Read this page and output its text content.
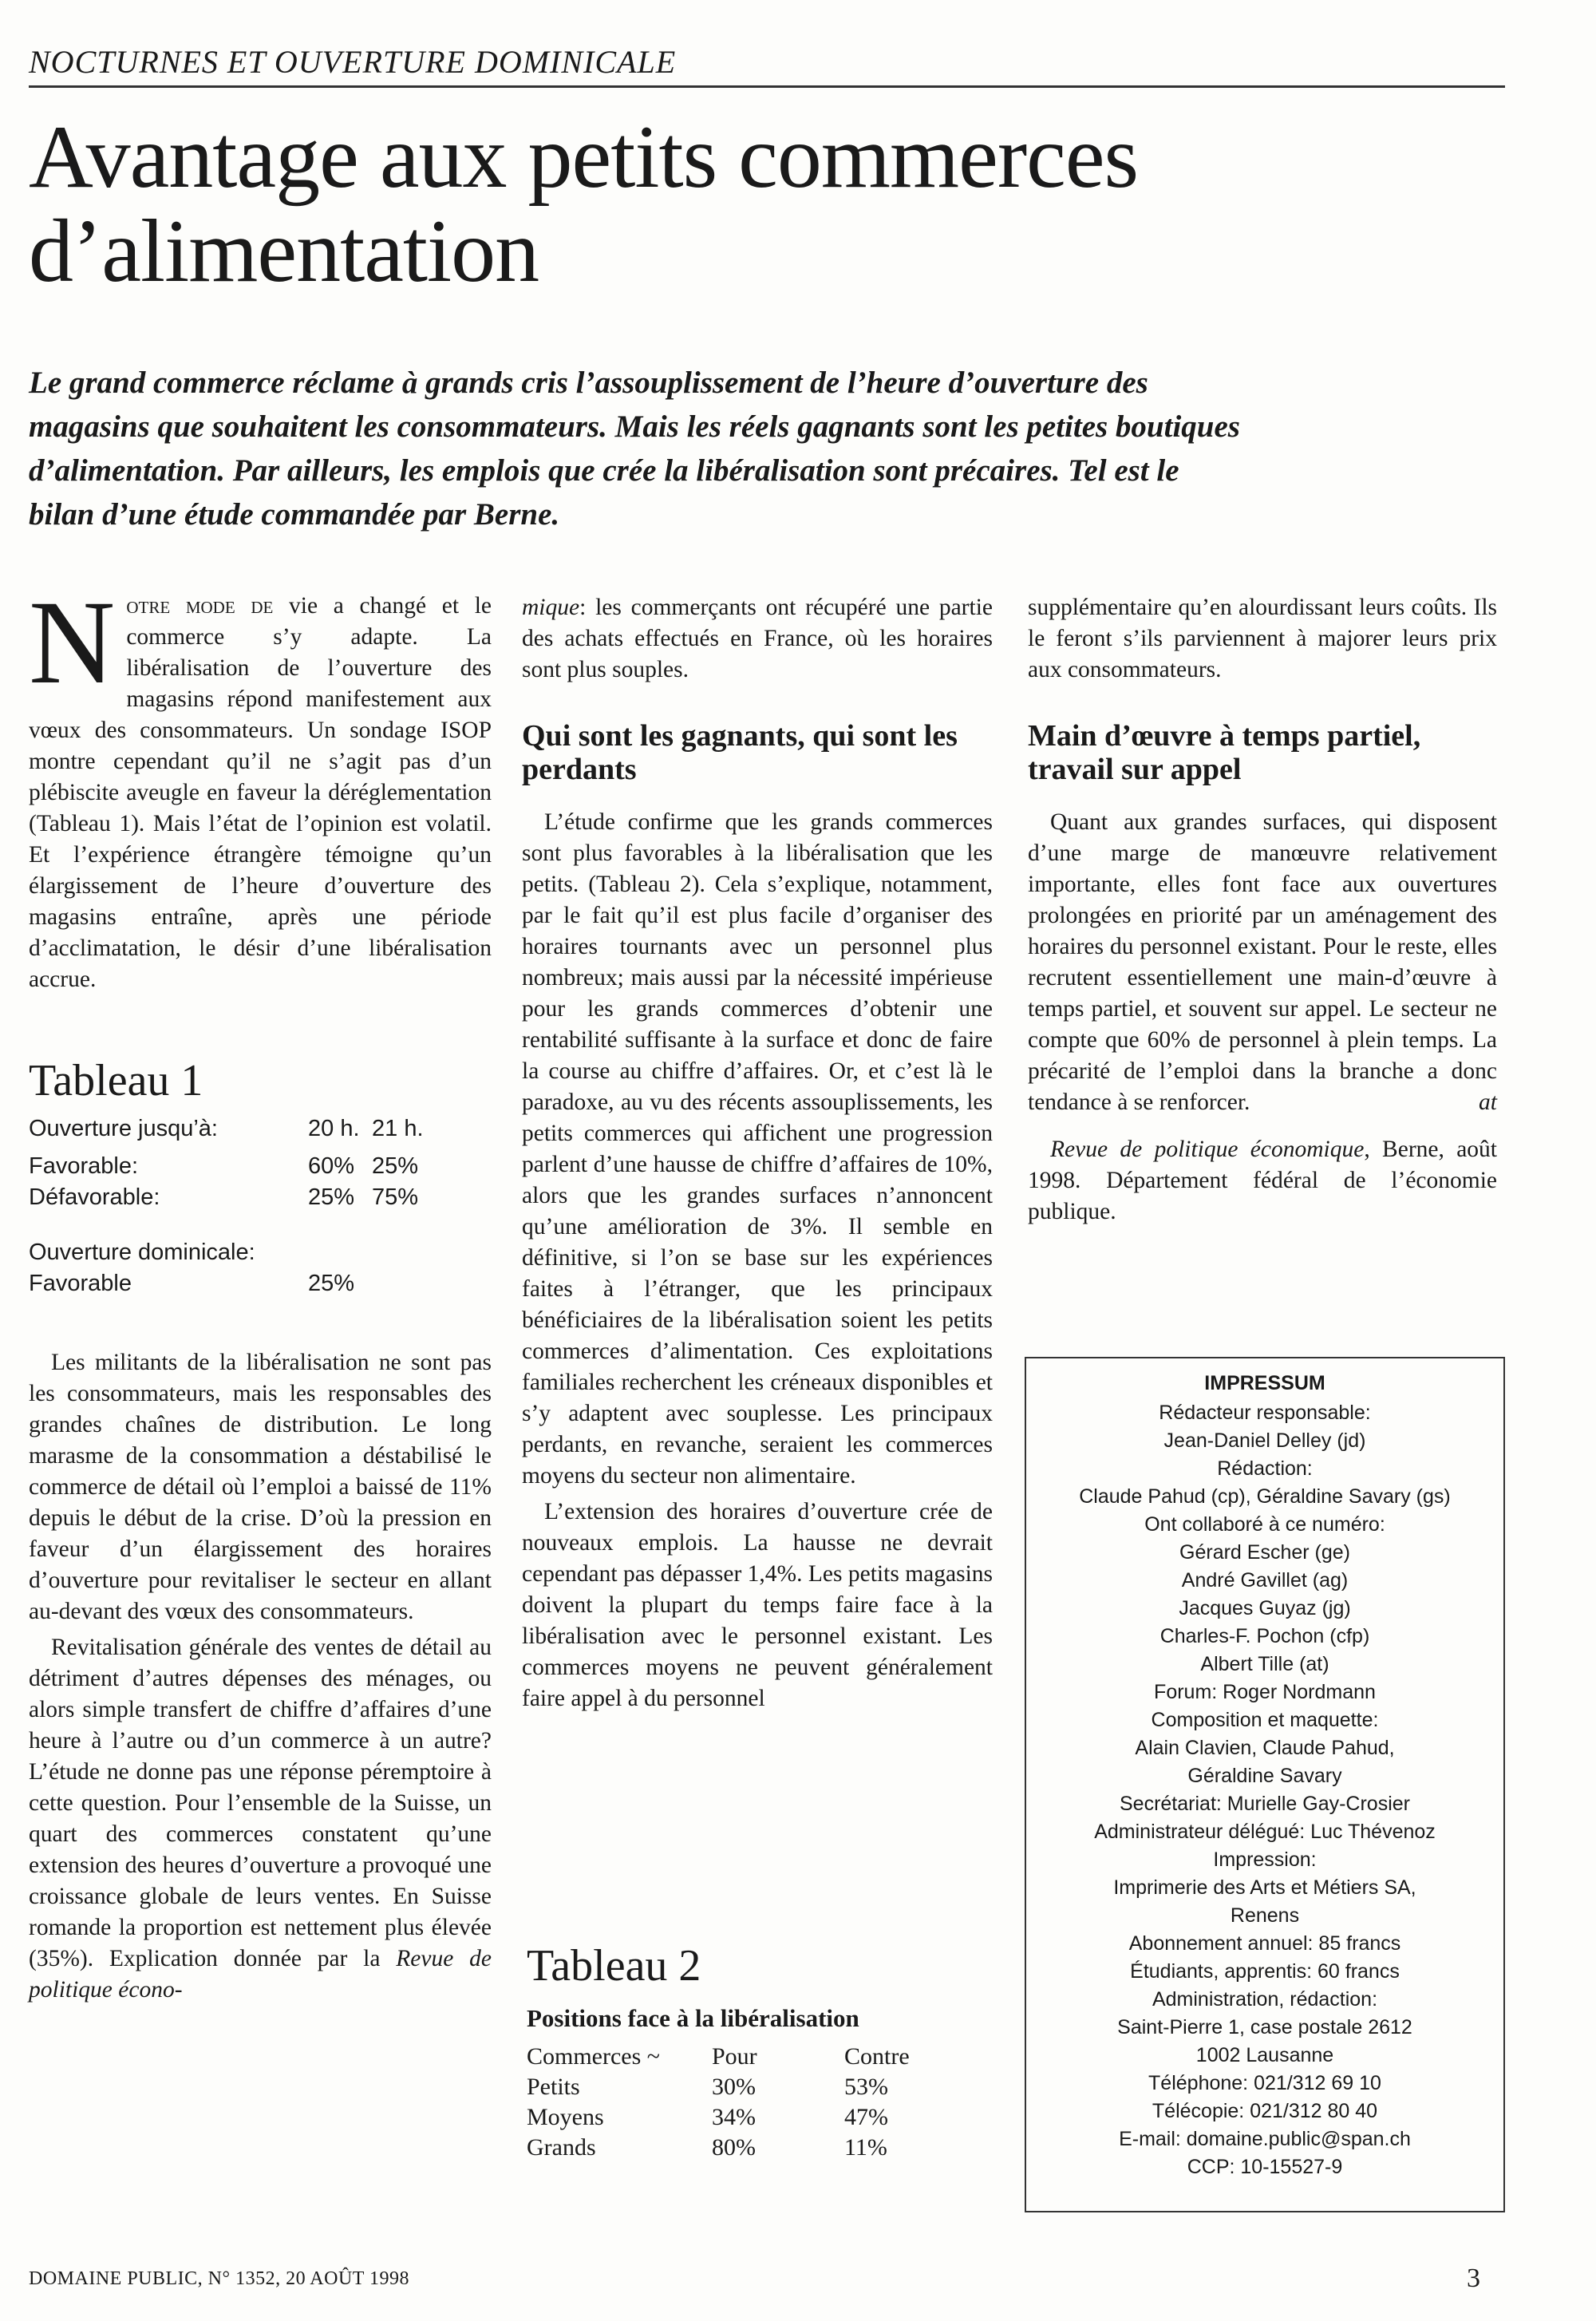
NOCTURNES ET OUVERTURE DOMINICALE
Avantage aux petits commerces
d’alimentation

Le grand commerce réclame à grands cris l’assouplissement de l’heure d’ouverture des magasins que souhaitent les consommateurs. Mais les réels gagnants sont les petites boutiques d’alimentation. Par ailleurs, les emplois que crée la libéralisation sont précaires. Tel est le bilan d’une étude commandée par Berne.

Notre mode de vie a changé et le commerce s’y adapte. La libéralisation de l’ouverture des magasins répond manifestement aux vœux des consommateurs. Un sondage ISOP montre cependant qu’il ne s’agit pas d’un plébiscite aveugle en faveur la déréglementation (Tableau 1). Mais l’état de l’opinion est volatil. Et l’expérience étrangère témoigne qu’un élargissement de l’heure d’ouverture des magasins entraîne, après une période d’acclimatation, le désir d’une libéralisation accrue.

Tableau 1
Ouverture jusqu’à:	20 h.	21 h.

Favorable:	60%	25%
Défavorable:	25%	75%

Ouverture dominicale:		
Favorable	25%	

Les militants de la libéralisation ne sont pas les consommateurs, mais les responsables des grandes chaînes de distribution. Le long marasme de la consommation a déstabilisé le commerce de détail où l’emploi a baissé de 11% depuis le début de la crise. D’où la pression en faveur d’un élargissement des horaires d’ouverture pour revitaliser le secteur en allant au-devant des vœux des consommateurs.

Revitalisation générale des ventes de détail au détriment d’autres dépenses des ménages, ou alors simple transfert de chiffre d’affaires d’une heure à l’autre ou d’un commerce à un autre? L’étude ne donne pas une réponse péremptoire à cette question. Pour l’ensemble de la Suisse, un quart des commerces constatent qu’une extension des heures d’ouverture a provoqué une croissance globale de leurs ventes. En Suisse romande la proportion est nettement plus élevée (35%). Explication donnée par la Revue de politique écono-

mique: les commerçants ont récupéré une partie des achats effectués en France, où les horaires sont plus souples.

Qui sont les gagnants, qui sont les perdants

L’étude confirme que les grands commerces sont plus favorables à la libéralisation que les petits. (Tableau 2). Cela s’explique, notamment, par le fait qu’il est plus facile d’organiser des horaires tournants avec un personnel plus nombreux; mais aussi par la nécessité impérieuse pour les grands commerces d’obtenir une rentabilité suffisante à la surface et donc de faire la course au chiffre d’affaires. Or, et c’est là le paradoxe, au vu des récents assouplissements, les petits commerces qui affichent une progression parlent d’une hausse de chiffre d’affaires de 10%, alors que les grandes surfaces n’annoncent qu’une amélioration de 3%. Il semble en définitive, si l’on se base sur les expériences faites à l’étranger, que les principaux bénéficiaires de la libéralisation soient les petits commerces d’alimentation. Ces exploitations familiales recherchent les créneaux disponibles et s’y adaptent avec souplesse. Les principaux perdants, en revanche, seraient les commerces moyens du secteur non alimentaire.

L’extension des horaires d’ouverture crée de nouveaux emplois. La hausse ne devrait cependant pas dépasser 1,4%. Les petits magasins doivent la plupart du temps faire face à la libéralisation avec le personnel existant. Les commerces moyens ne peuvent généralement faire appel à du personnel

Tableau 2
Positions face à la libéralisation
Commerces ~	Pour	Contre
Petits	30%	53%
Moyens	34%	47%
Grands	80%	11%

supplémentaire qu’en alourdissant leurs coûts. Ils le feront s’ils parviennent à majorer leurs prix aux consommateurs.

Main d’œuvre à temps partiel, travail sur appel

Quant aux grandes surfaces, qui disposent d’une marge de manœuvre relativement importante, elles font face aux ouvertures prolongées en priorité par un aménagement des horaires du personnel existant. Pour le reste, elles recrutent essentiellement une main-d’œuvre à temps partiel, et souvent sur appel. Le secteur ne compte que 60% de personnel à plein temps. La précarité de l’emploi dans la branche a donc tendance à se renforcer.	at

Revue de politique économique, Berne, août 1998. Département fédéral de l’économie publique.

IMPRESSUM
Rédacteur responsable:
Jean-Daniel Delley (jd)
Rédaction:
Claude Pahud (cp), Géraldine Savary (gs)
Ont collaboré à ce numéro:
Gérard Escher (ge)
André Gavillet (ag)
Jacques Guyaz (jg)
Charles-F. Pochon (cfp)
Albert Tille (at)
Forum: Roger Nordmann
Composition et maquette:
Alain Clavien, Claude Pahud,
Géraldine Savary
Secrétariat: Murielle Gay-Crosier
Administrateur délégué: Luc Thévenoz
Impression:
Imprimerie des Arts et Métiers SA,
Renens
Abonnement annuel: 85 francs
Étudiants, apprentis: 60 francs
Administration, rédaction:
Saint-Pierre 1, case postale 2612
1002 Lausanne
Téléphone: 021/312 69 10
Télécopie: 021/312 80 40
E-mail: domaine.public@span.ch
CCP: 10-15527-9
DOMAINE PUBLIC, N° 1352, 20 AOÛT 1998	3
